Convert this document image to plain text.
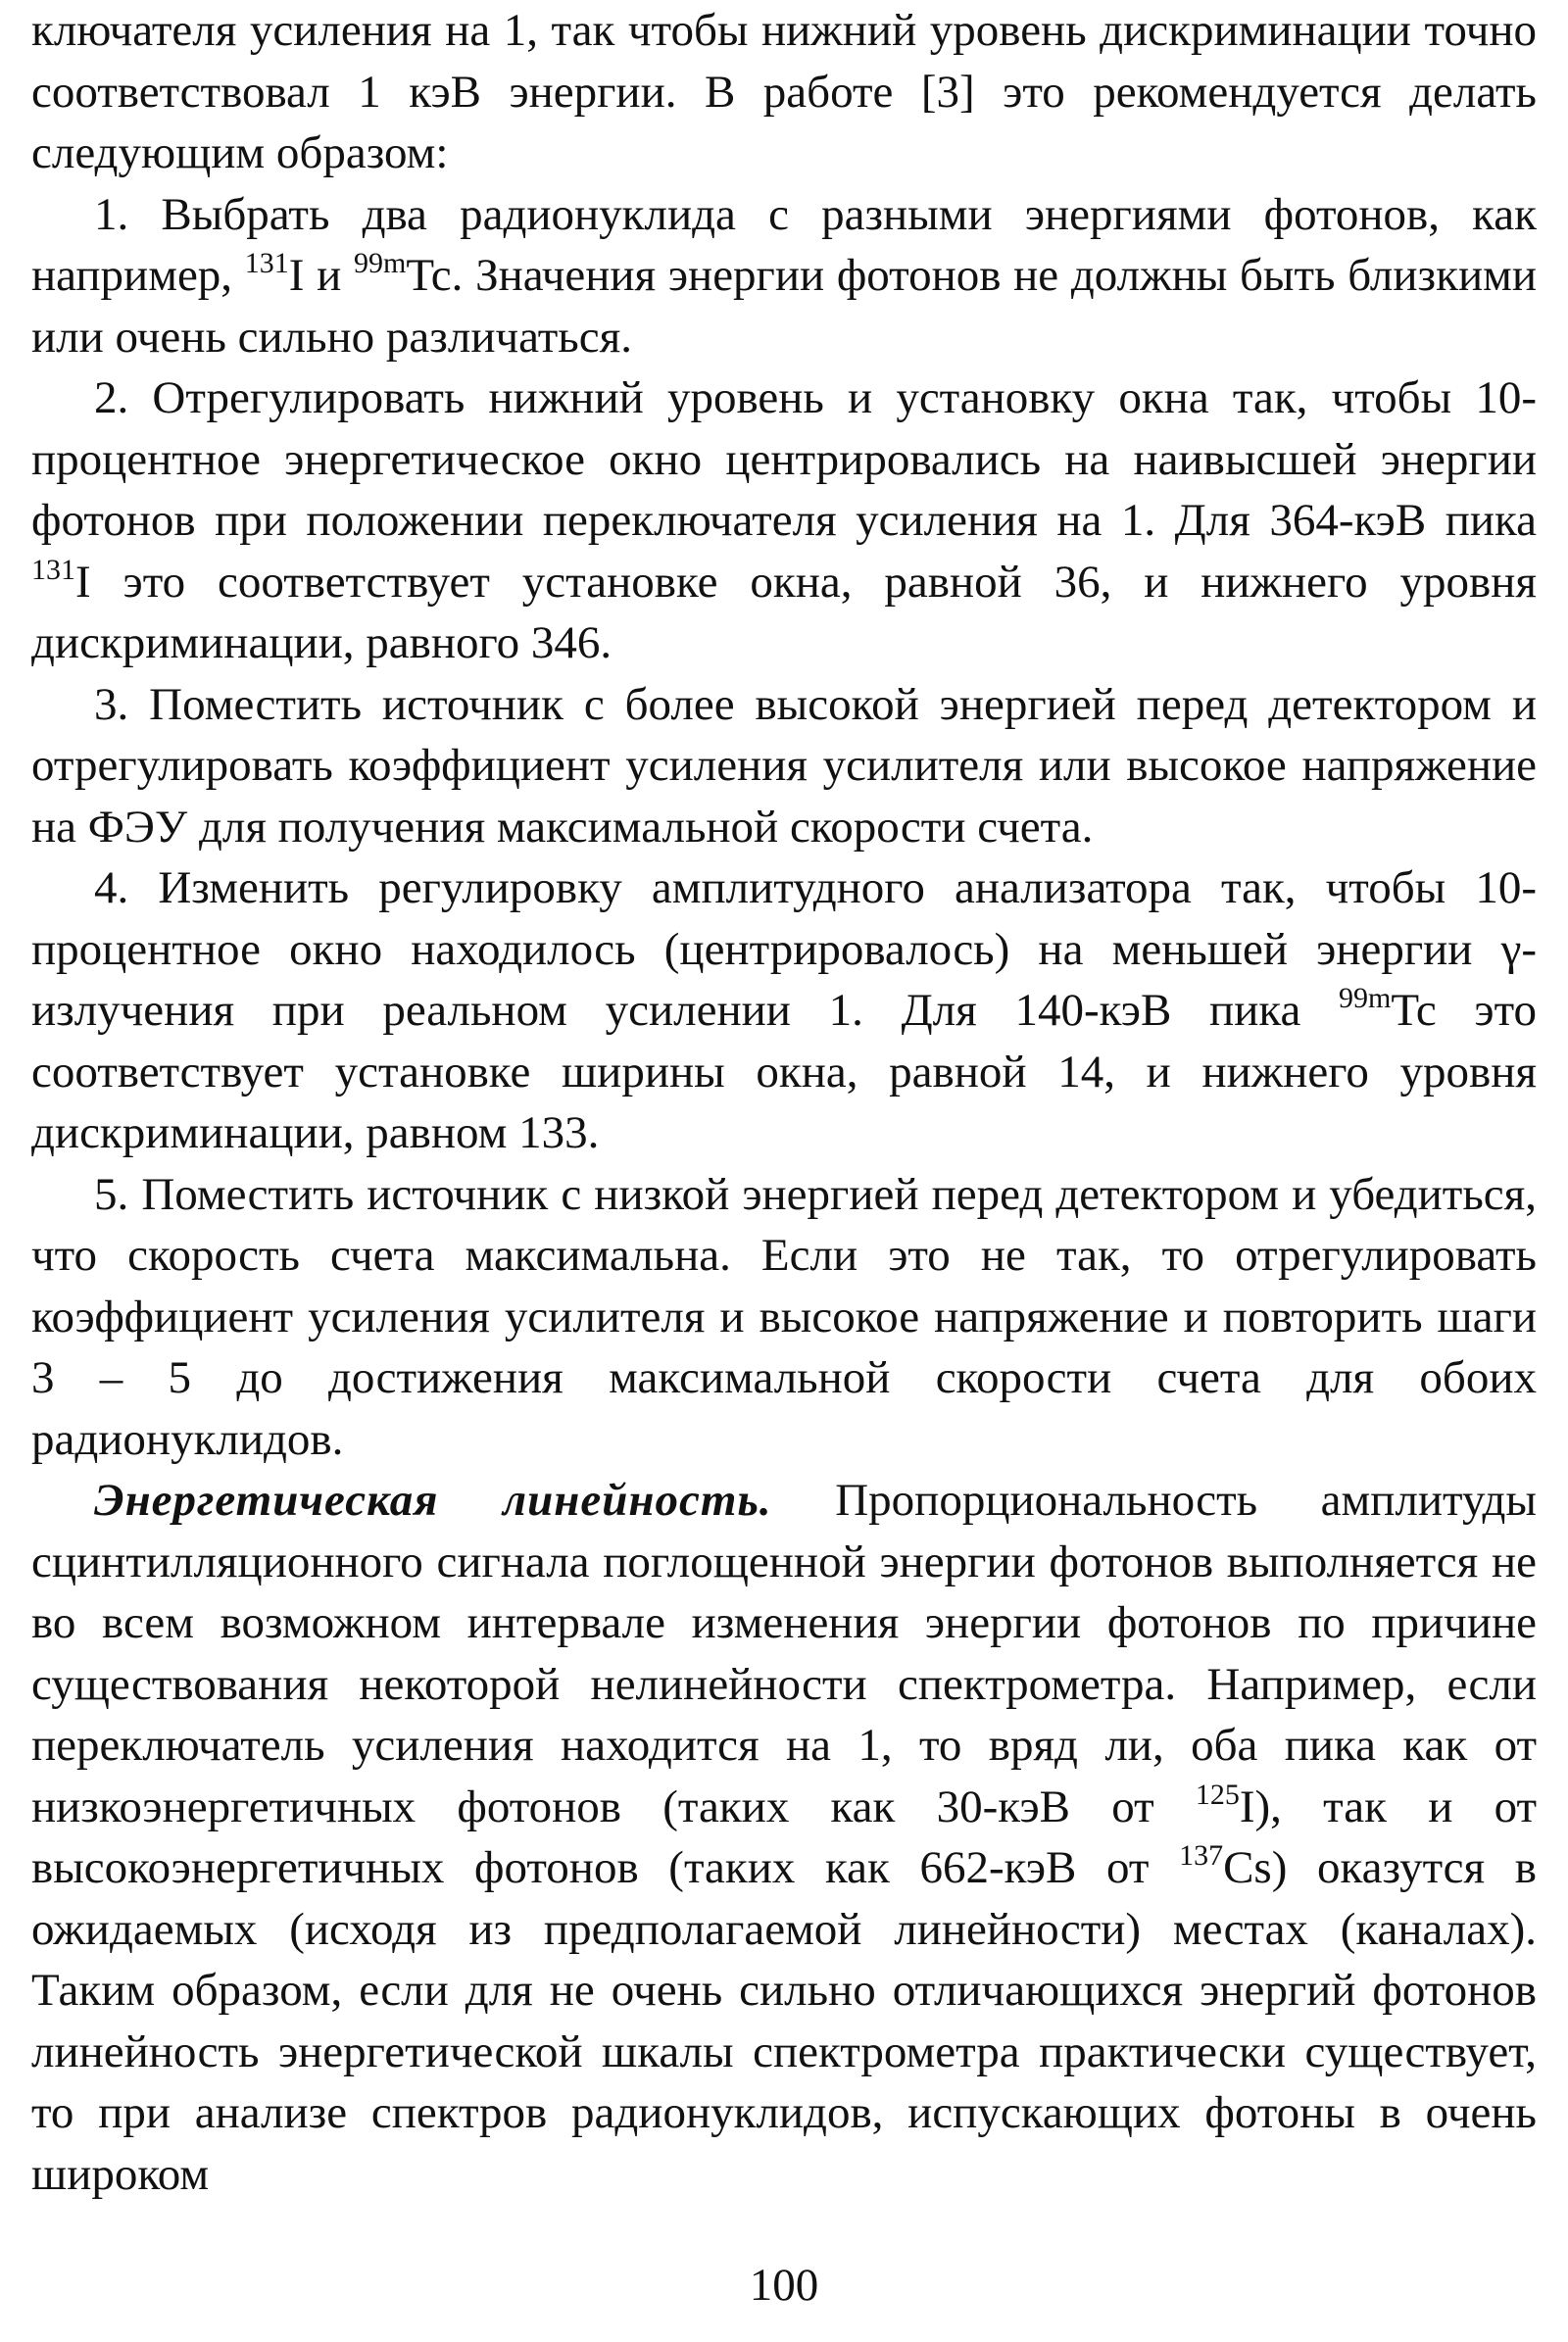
ключателя усиления на 1, так чтобы нижний уровень дискриминации точно соответствовал 1 кэВ энергии. В работе [3] это рекомендуется делать следующим образом:

1. Выбрать два радионуклида с разными энергиями фотонов, как например, $^{131}$I и $^{99m}$Tc. Значения энергии фотонов не должны быть близкими или очень сильно различаться.

2. Отрегулировать нижний уровень и установку окна так, чтобы 10-процентное энергетическое окно центрировались на наивысшей энергии фотонов при положении переключателя усиления на 1. Для 364-кэВ пика $^{131}$I это соответствует установке окна, равной 36, и нижнего уровня дискриминации, равного 346.

3. Поместить источник с более высокой энергией перед детектором и отрегулировать коэффициент усиления усилителя или высокое напряжение на ФЭУ для получения максимальной скорости счета.

4. Изменить регулировку амплитудного анализатора так, чтобы 10-процентное окно находилось (центрировалось) на меньшей энергии γ-излучения при реальном усилении 1. Для 140-кэВ пика $^{99m}$Tc это соответствует установке ширины окна, равной 14, и нижнего уровня дискриминации, равном 133.

5. Поместить источник с низкой энергией перед детектором и убедиться, что скорость счета максимальна. Если это не так, то отрегулировать коэффициент усиления усилителя и высокое напряжение и повторить шаги 3 – 5 до достижения максимальной скорости счета для обоих радионуклидов.

Энергетическая линейность. Пропорциональность амплитуды сцинтилляционного сигнала поглощенной энергии фотонов выполняется не во всем возможном интервале изменения энергии фотонов по причине существования некоторой нелинейности спектрометра. Например, если переключатель усиления находится на 1, то вряд ли, оба пика как от низкоэнергетичных фотонов (таких как 30-кэВ от $^{125}$I), так и от высокоэнергетичных фотонов (таких как 662-кэВ от $^{137}$Cs) оказутся в ожидаемых (исходя из предполагаемой линейности) местах (каналах). Таким образом, если для не очень сильно отличающихся энергий фотонов линейность энергетической шкалы спектрометра практически существует, то при анализе спектров радионуклидов, испускающих фотоны в очень широком

100
